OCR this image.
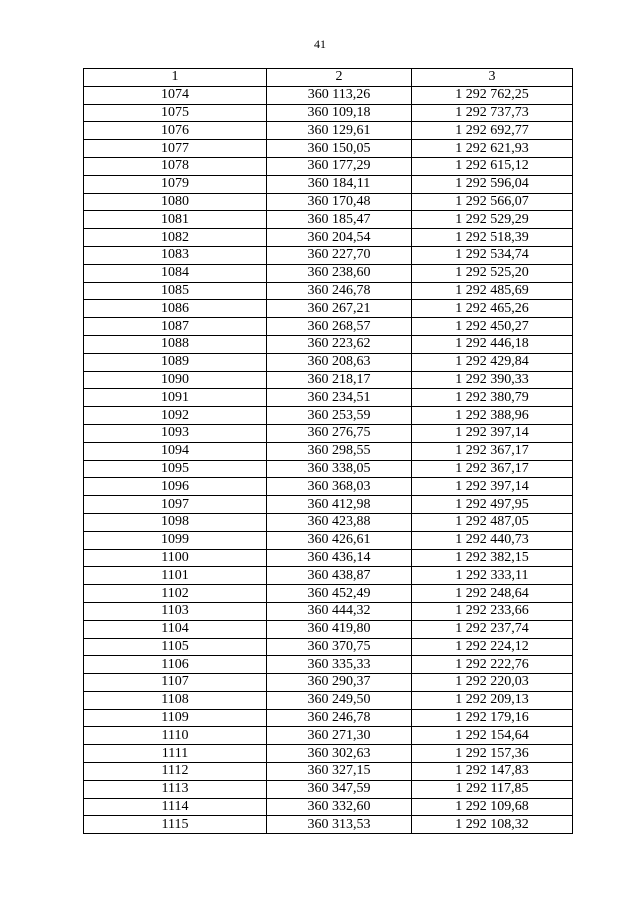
41
1	2	3
1074	360 113,26	1 292 762,25
1075	360 109,18	1 292 737,73
1076	360 129,61	1 292 692,77
1077	360 150,05	1 292 621,93
1078	360 177,29	1 292 615,12
1079	360 184,11	1 292 596,04
1080	360 170,48	1 292 566,07
1081	360 185,47	1 292 529,29
1082	360 204,54	1 292 518,39
1083	360 227,70	1 292 534,74
1084	360 238,60	1 292 525,20
1085	360 246,78	1 292 485,69
1086	360 267,21	1 292 465,26
1087	360 268,57	1 292 450,27
1088	360 223,62	1 292 446,18
1089	360 208,63	1 292 429,84
1090	360 218,17	1 292 390,33
1091	360 234,51	1 292 380,79
1092	360 253,59	1 292 388,96
1093	360 276,75	1 292 397,14
1094	360 298,55	1 292 367,17
1095	360 338,05	1 292 367,17
1096	360 368,03	1 292 397,14
1097	360 412,98	1 292 497,95
1098	360 423,88	1 292 487,05
1099	360 426,61	1 292 440,73
1100	360 436,14	1 292 382,15
1101	360 438,87	1 292 333,11
1102	360 452,49	1 292 248,64
1103	360 444,32	1 292 233,66
1104	360 419,80	1 292 237,74
1105	360 370,75	1 292 224,12
1106	360 335,33	1 292 222,76
1107	360 290,37	1 292 220,03
1108	360 249,50	1 292 209,13
1109	360 246,78	1 292 179,16
1110	360 271,30	1 292 154,64
1111	360 302,63	1 292 157,36
1112	360 327,15	1 292 147,83
1113	360 347,59	1 292 117,85
1114	360 332,60	1 292 109,68
1115	360 313,53	1 292 108,32
